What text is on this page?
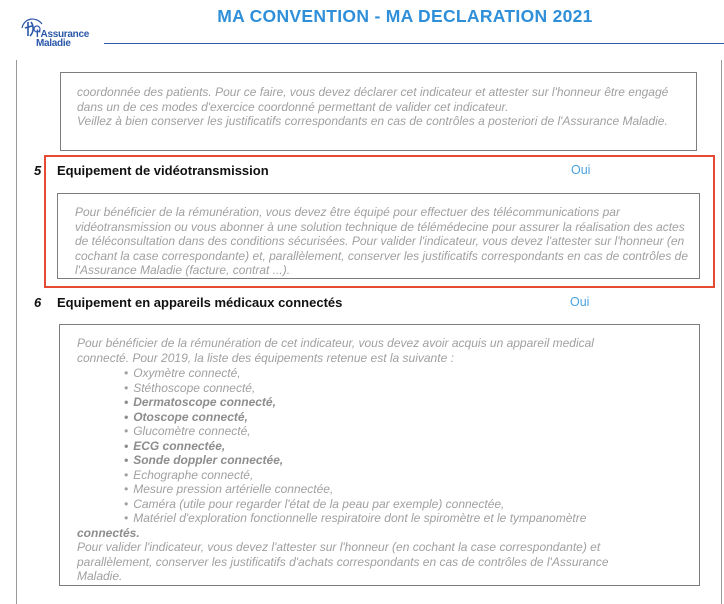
l'Assurance
Maladie
MA CONVENTION - MA DECLARATION 2021

coordonnée des patients. Pour ce faire, vous devez déclarer cet indicateur et attester sur l'honneur être engagé

dans un de ces modes d'exercice coordonné permettant de valider cet indicateur.

Veillez à bien conserver les justificatifs correspondants en cas de contrôles a posteriori de l'Assurance Maladie.

5 Equipement de vidéotransmission	Oui

Pour bénéficier de la rémunération, vous devez être équipé pour effectuer des télécommunications par

vidéotransmission ou vous abonner à une solution technique de télémédecine pour assurer la réalisation des actes

de téléconsultation dans des conditions sécurisées. Pour valider l'indicateur, vous devez l'attester sur l'honneur (en

cochant la case correspondante) et, parallèlement, conserver les justificatifs correspondants en cas de contrôles de

l'Assurance Maladie (facture, contrat ...).

6 Equipement en appareils médicaux connectés	Oui

Pour bénéficier de la rémunération de cet indicateur, vous devez avoir acquis un appareil medical

connecté. Pour 2019, la liste des équipements retenue est la suivante :

• Oxymètre connecté,
• Stéthoscope connecté,
• Dermatoscope connecté,
• Otoscope connecté,
• Glucomètre connecté,
• ECG connectée,
• Sonde doppler connectée,
• Echographe connecté,
• Mesure pression artérielle connectée,
• Caméra (utile pour regarder l'état de la peau par exemple) connectée,
• Matériel d'exploration fonctionnelle respiratoire dont le spiromètre et le tympanomètre

connectés.

Pour valider l'indicateur, vous devez l'attester sur l'honneur (en cochant la case correspondante) et

parallèlement, conserver les justificatifs d'achats correspondants en cas de contrôles de l'Assurance

Maladie.
